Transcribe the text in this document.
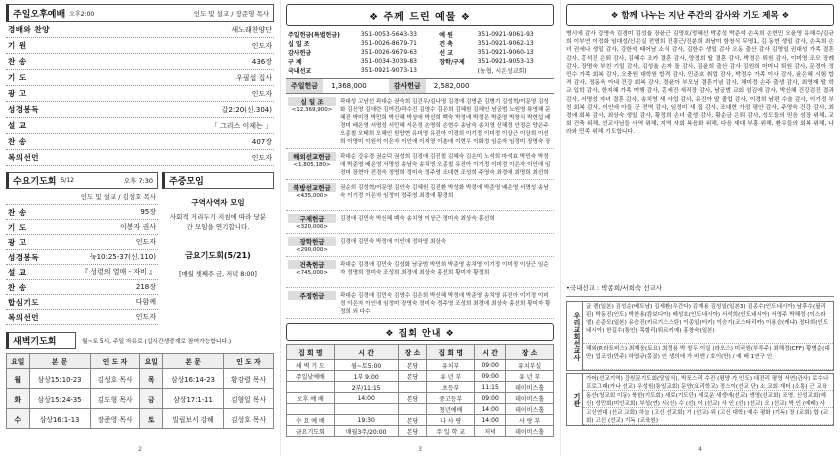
주일오후예배 오후2:00	인도 및 설교 / 장준영 목사
경배와 찬양	새노래찬양단
기 원	인도자
찬 송	436장
기 도	우필섭 집사
광 고	인도자
성경봉독	갈2:20(신.304)
설 교	「 그리스 이제는 」
찬 송	407장
복의선언	인도자
수요기도회 5/12	오후 7:30
인도 및 설교 / 김성호 목사
찬 송	95장
기 도	이봉자 권사
광 고	인도자
성경봉독	눅10:25-37(신.110)
설 교	『 성령의 열매 - 자비 』
찬 송	218장
합심기도	다함께
복의선언	인도자
주중모임
구역사역자 모임
사회적 거리두기 지침에 따라 당분간 모임을 연기합니다.
금요기도회(5/21)
[매월 셋째주 금, 저녁 8:00]
새벽기도회	월~토 5시, 주일 자유로 (십시간생중계로 참여가능합니다.)
요일	본 문	인 도 자	요일	본 문	인 도 자
월	삼상15:10-23	김성호 목사	목	삼상16:14-23	황강렬 목사
화	삼상15:24-35	김도형 목사	금	삼상17:1-11	김형일 목사
수	삼상16:1-13	장준영 목사	토	빌립보서 강해	김성호 목사
2
❖ 주께 드린 예물 ❖
주일헌금(특별헌금)	351-0053-5643-33	예 원	351-0921-9061-93
십 일 조	351-0026-8679-71	건 축	351-0921-9062-13
감사헌금	351-0026-9679-63	선 교	351-0921-9060-13
구 제	351-0034-3039-83	장학/구제	351-0921-9053-13
국내선교	351-0921-9073-13		(농협, 시온성교회)
주일헌금	1,368,000	감사헌금	2,582,000
십 일 조
<12,369,900>
곽대성 고남선 곽대순 권숙희 김건우/김나영 김경애 김명준 김병기 김성혁/이문영 김성화 김신영 김애란 김여진/곽수진 김영수 김은희 김혜원 김혜인 남궁범 노원영 류영혜 문혜진 박미경 박민희 박신혜 박상애 박선희 백숙 박정애 박정은 박준영 박창식 박현섭 배경미 배은영 서명성 서민혜 서은정 손명희 손현수 송남숙 송치영 신혜정 안정순 양은주 오종철 오태희 오혜인 원양현 유미영 유진아 이경희 이기정 이미정 이상근 이상희 이선희 이영미 이원석 이은자 이인애 이지영 이춘애 이현우 이화정 임순자 임정미 장명숙 장
해외선교헌금
<1,805,180>
곽대순 강유경 권순덕 권성희 김경애 김진철 김혜숙 김은미 노석희 마석효 박민숙 박정애 박준영 배은영 서명성 송남숙 송치영 오종철 유진아 이기정 이미정 이은자 이인애 임정미 장현아 전경숙 정명희 정미숙 정주영 조대현 조성희 주영숙 최경애 최명희 최선희
북방선교헌금
<435,000>
권순희 김성혁/이문영 김인숙 김혜원 김진환 박성화 박정애 박준영 배은영 서명성 송남숙 이기정 이은자 임정미 정주영 최경애 황경희
구제헌금
<320,000>
김경애 김민숙 박신혜 백숙 송치영 이상근 정미숙 최상숙 홍선희
장학헌금
<290,000>
김경애 김민숙 박정애 이인애 정하영 최상숙
건축헌금
<745,000>
곽대순 김경애 김민숙 김성화 남궁범 박민희 박준영 송치영 이기정 이미정 이상근 임순자 정명희 정미숙 조성희 최경애 최상숙 홍선희 황미자 황정희
주정헌금	곽대순 김경애 김민숙 김영수 김은희 박신혜 박정애 박준영 송치영 유진아 이기정 이미정 이은자 이인애 임정미 장명숙 정미숙 정주영 조성희 최경애 최상숙 홍선희 황미자 황정희 외 다수
❖ 집회 안내 ❖
집 회 명	시 간	장 소	집 회 명	시 간	장 소
새 벽 기 도	월~토5:00	본당	유치부	09:00	유치부실
주일낮예배	1부 9:00	본당	유 년 부	09:00	유 년 부
	2부/11:15		초등부	11:15	데이비스홀
오후 예 배	14:00	본당	중고등부	09:00	데이비스홀
			청년예배	14:00	데이비스홀
수 요 예 배	19:30	본당	나 사 랑	14:00	사 랑 부
금요기도회	매월3주/20:00	본당	주 일 학 교	저녁	데이비스홀
3
❖ 함께 나누는 지난 주간의 감사와 기도 제목 ❖
병시에 감사 강명숙 김경미 김성율 장윤근 김영호/정혜선 박종성 박준석 손옥희 손현민 오윤영 유해수/김규희 이부연 이정화 임대성/신은실 전명희 진흥근/진분희 최남미 함창식 무명1, 김 동현 생일 감사, 손옥희 손녀 권세나 생일 감사, 강한석 태어남 소식 감사, 김한수 생일 감사 오동 출산 감사 김영일 권대성 가족 결혼 감사, 홍석진 은퇴 감사, 김혜수 조카 결혼 감사, 양경희 딸 결혼 감사, 박정은 퇴원 감사, 이미영 조모 장례 감사, 장명숙 부친 기일 감사, 김성율 손자 돌 감사, 김윤희 출산 감사 김원희 어머니 퇴원 감사, 문경아 정민수 가족 회복 감사, 오충원 대학원 합격 감사, 민준호 취업 감사, 박정수 가족 이사 감사, 윤은혜 시험 합격 감사, 정동욱 아내 건강 회복 감사, 정윤아 부모님 결혼기념 감사, 채미정 손주 출생 감사, 최영재 딸 학교 입학 감사, 한지혜 가족 여행 감사, 홍세진 새직장 감사, 남궁범 교회 섬김에 감사, 박신혜 건강검진 결과 감사, 서명성 자녀 결혼 감사, 송치영 새 사업 감사, 유진아 딸 졸업 감사, 이경희 남편 수술 감사, 이기정 부친 회복 감사, 이인애 아들 군 전역 감사, 임정미 새 집 감사, 조대현 가정 평안 감사, 주영숙 건강 감사, 최경애 회복 감사, 최상숙 생일 감사, 황정희 손녀 출생 감사, 황순금 은퇴 감사, 성도들의 믿음 성장 위해, 교회 건축 위해, 선교사님들 사역 위해, 지역 사회 복음화 위해, 다음 세대 부흥 위해, 환우들의 회복 위해, 나라와 민족 위해 기도합니다.
•국내선교 : 박종희/서희숙 선교사
우리교회선교사
글 렌(일본) 김성순(베트남) 김세환(우간다) 김재용 김성일(일본3) 김종수(인도네시아) 남후수(필리핀) 박동진(인도) 박찬용(캄보디아) 배성호(인도네시아) 서석희(인도네시아) 서영주 박혜정 (이스라엘) 손준모(일본) 유승진(키르기스스탄) 이종일(터키) 이승기(코스타리카) 이용승(케냐) 정다희(인도네시아) 한길수(통인) 목할리(튀르키예) 홍창숙(일본)
해외(P.라트비스) 최재웅(토요) 최정용 박 창두 이실 (라오스) 미국원(부투주) 최해정(CFF) 황병순(대만) 업코성(만주) 하엽규(몽골) 인 생의에 가 비엔 / 호이(만) / 예 배 1연구 인
기관
가어(선교기역) 강원문기도회(당일식), 박포스리 수진 (평양·가 인도) 대진리 평영 서연(관사) 로수나 프로그래(가나 선교) 우성원(통일교회) 문양(요리학교) 정스이(선교 단) 소 교회 재터 (소통) 근 교육
동산(청교회 이동) 북한(기도회) 새로(기도단) 새로운 새생애(선교) 생영(선교회) 조영, 신성교회(예신) 성민회(미인교회) 부성(연) 시(신) 수 (선) 이 (선교) 사 인 (선) (선교) 오 (선교) 박 인 (예배) 사
고신연대 (선교 교회) 하늘 (고신 선교회) 기 (선교) 위 (고신 대학) 예수 평화 (기독) 장 (교회) 합 (교회) 고신 (선교) 기독 (교육원)
4
